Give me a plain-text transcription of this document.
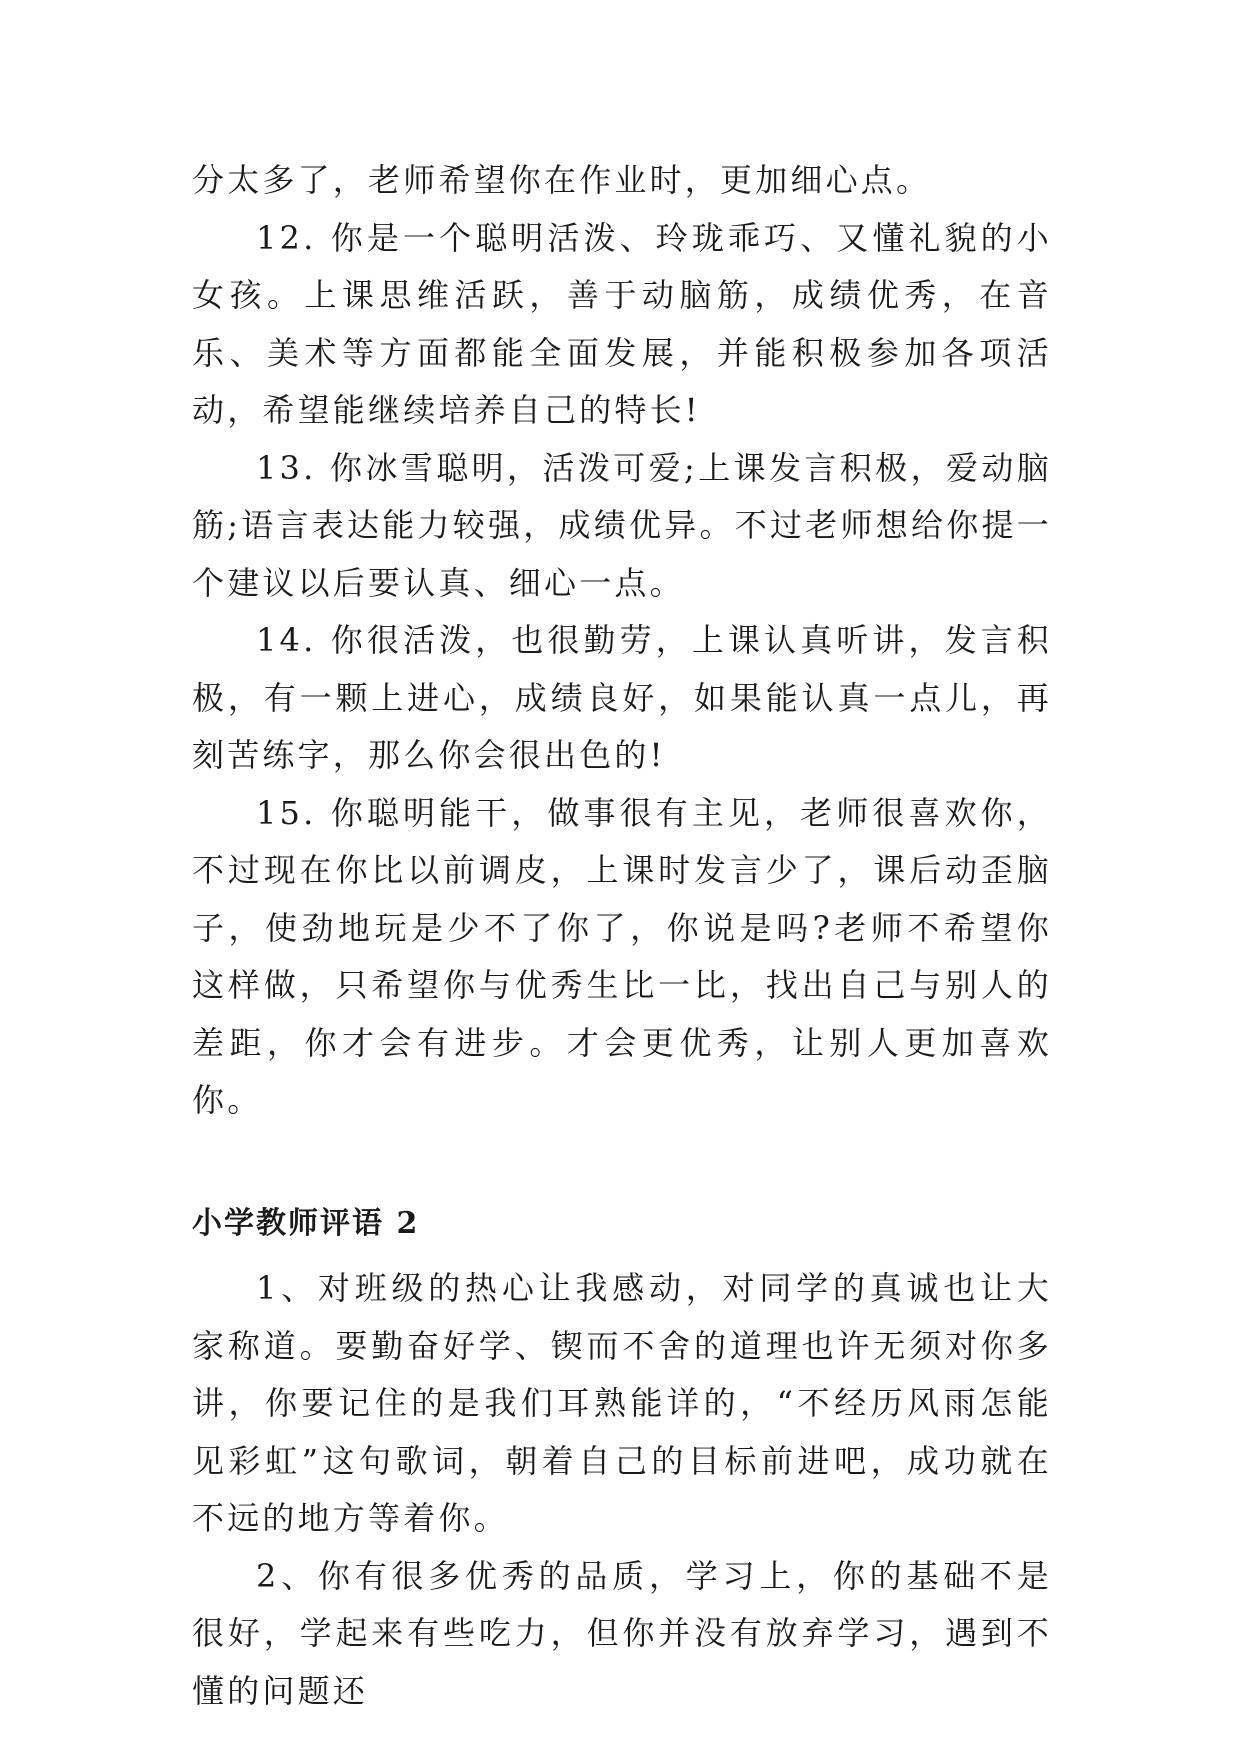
分太多了，老师希望你在作业时，更加细心点。

12. 你是一个聪明活泼、玲珑乖巧、又懂礼貌的小女孩。上课思维活跃，善于动脑筋，成绩优秀，在音乐、美术等方面都能全面发展，并能积极参加各项活动，希望能继续培养自己的特长!

13. 你冰雪聪明，活泼可爱;上课发言积极，爱动脑筋;语言表达能力较强，成绩优异。不过老师想给你提一个建议以后要认真、细心一点。

14. 你很活泼，也很勤劳，上课认真听讲，发言积极，有一颗上进心，成绩良好，如果能认真一点儿，再刻苦练字，那么你会很出色的!

15. 你聪明能干，做事很有主见，老师很喜欢你，不过现在你比以前调皮，上课时发言少了，课后动歪脑子，使劲地玩是少不了你了，你说是吗?老师不希望你这样做，只希望你与优秀生比一比，找出自己与别人的差距，你才会有进步。才会更优秀，让别人更加喜欢你。

小学教师评语 2

1、对班级的热心让我感动，对同学的真诚也让大家称道。要勤奋好学、锲而不舍的道理也许无须对你多讲，你要记住的是我们耳熟能详的，“不经历风雨怎能见彩虹”这句歌词，朝着自己的目标前进吧，成功就在不远的地方等着你。

2、你有很多优秀的品质，学习上，你的基础不是很好，学起来有些吃力，但你并没有放弃学习，遇到不懂的问题还
